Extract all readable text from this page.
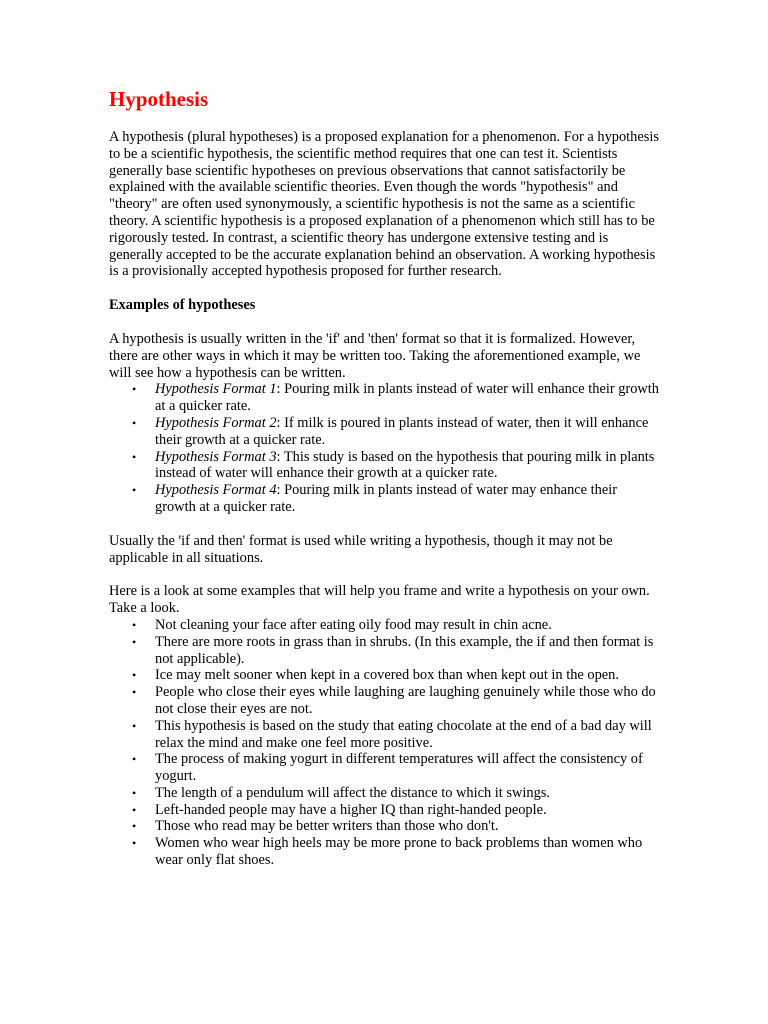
Hypothesis

A hypothesis (plural hypotheses) is a proposed explanation for a phenomenon. For a hypothesis to be a scientific hypothesis, the scientific method requires that one can test it. Scientists generally base scientific hypotheses on previous observations that cannot satisfactorily be explained with the available scientific theories. Even though the words "hypothesis" and "theory" are often used synonymously, a scientific hypothesis is not the same as a scientific theory. A scientific hypothesis is a proposed explanation of a phenomenon which still has to be rigorously tested. In contrast, a scientific theory has undergone extensive testing and is generally accepted to be the accurate explanation behind an observation. A working hypothesis is a provisionally accepted hypothesis proposed for further research.

Examples of hypotheses

A hypothesis is usually written in the 'if' and 'then' format so that it is formalized. However, there are other ways in which it may be written too. Taking the aforementioned example, we will see how a hypothesis can be written.

• Hypothesis Format 1: Pouring milk in plants instead of water will enhance their growth at a quicker rate.
• Hypothesis Format 2: If milk is poured in plants instead of water, then it will enhance their growth at a quicker rate.
• Hypothesis Format 3: This study is based on the hypothesis that pouring milk in plants instead of water will enhance their growth at a quicker rate.
• Hypothesis Format 4: Pouring milk in plants instead of water may enhance their growth at a quicker rate.

Usually the 'if and then' format is used while writing a hypothesis, though it may not be applicable in all situations.

Here is a look at some examples that will help you frame and write a hypothesis on your own. Take a look.

• Not cleaning your face after eating oily food may result in chin acne.
• There are more roots in grass than in shrubs. (In this example, the if and then format is not applicable).
• Ice may melt sooner when kept in a covered box than when kept out in the open.
• People who close their eyes while laughing are laughing genuinely while those who do not close their eyes are not.
• This hypothesis is based on the study that eating chocolate at the end of a bad day will relax the mind and make one feel more positive.
• The process of making yogurt in different temperatures will affect the consistency of yogurt.
• The length of a pendulum will affect the distance to which it swings.
• Left-handed people may have a higher IQ than right-handed people.
• Those who read may be better writers than those who don't.
• Women who wear high heels may be more prone to back problems than women who wear only flat shoes.
